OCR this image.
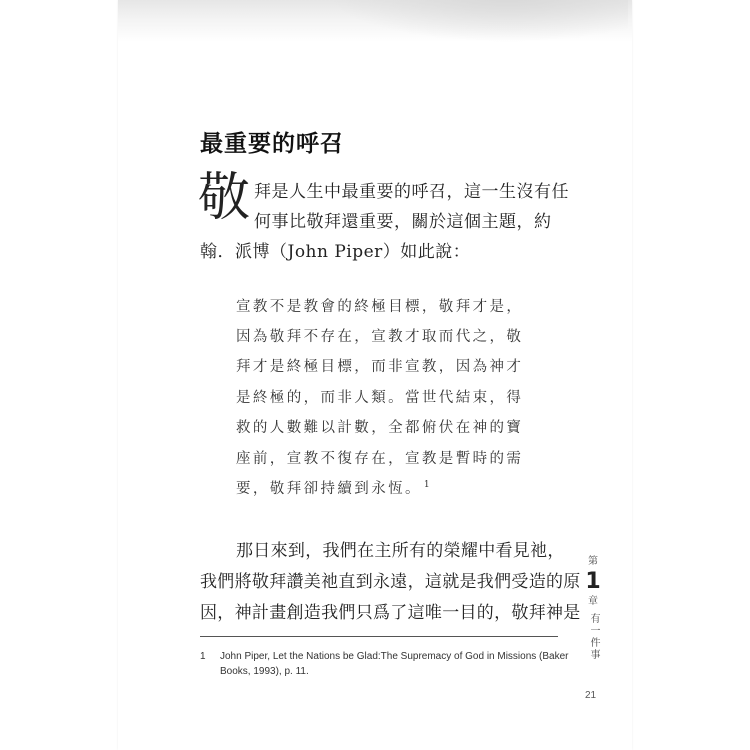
最重要的呼召
敬 拜是人生中最重要的呼召，這一生沒有任
何事比敬拜還重要，關於這個主題，約
翰．派博（John Piper）如此說：
宣教不是教會的終極目標，敬拜才是，
因為敬拜不存在，宣教才取而代之，敬
拜才是終極目標，而非宣教，因為神才
是終極的，而非人類。當世代結束，得
救的人數難以計數，全都俯伏在神的寶
座前，宣教不復存在，宣教是暫時的需
要，敬拜卻持續到永恆。 $^1$
那日來到，我們在主所有的榮耀中看見祂，
我們將敬拜讚美祂直到永遠，這就是我們受造的原
因，神計畫創造我們只爲了這唯一目的，敬拜神是
1 John Piper, Let the Nations be Glad:The Supremacy of God in Missions (Baker
Books, 1993), p. 11.
第
1
章
有一件事
21
